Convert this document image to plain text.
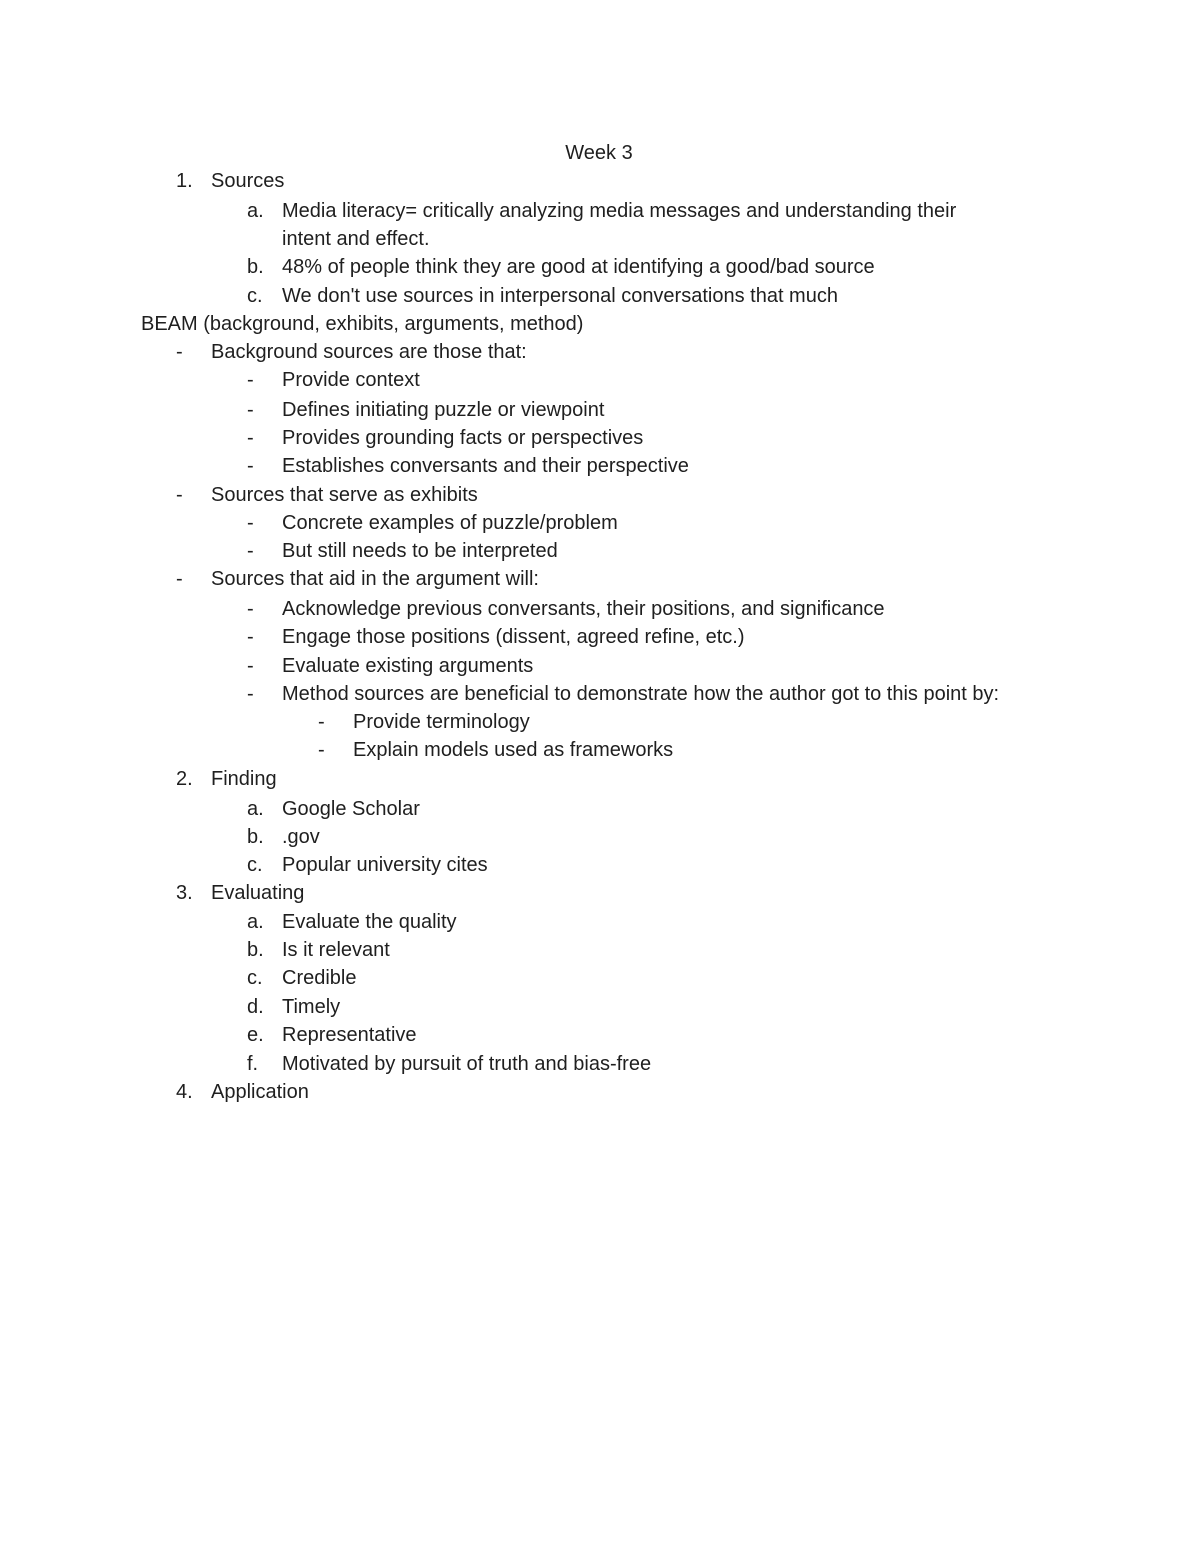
Week 3
1. Sources
a. Media literacy= critically analyzing media messages and understanding their
intent and effect.
b. 48% of people think they are good at identifying a good/bad source
c. We don't use sources in interpersonal conversations that much
BEAM (background, exhibits, arguments, method)
- Background sources are those that:
- Provide context
- Defines initiating puzzle or viewpoint
- Provides grounding facts or perspectives
- Establishes conversants and their perspective
- Sources that serve as exhibits
- Concrete examples of puzzle/problem
- But still needs to be interpreted
- Sources that aid in the argument will:
- Acknowledge previous conversants, their positions, and significance
- Engage those positions (dissent, agreed refine, etc.)
- Evaluate existing arguments
- Method sources are beneficial to demonstrate how the author got to this point by:
- Provide terminology
- Explain models used as frameworks
2. Finding
a. Google Scholar
b. .gov
c. Popular university cites
3. Evaluating
a. Evaluate the quality
b. Is it relevant
c. Credible
d. Timely
e. Representative
f. Motivated by pursuit of truth and bias-free
4. Application
